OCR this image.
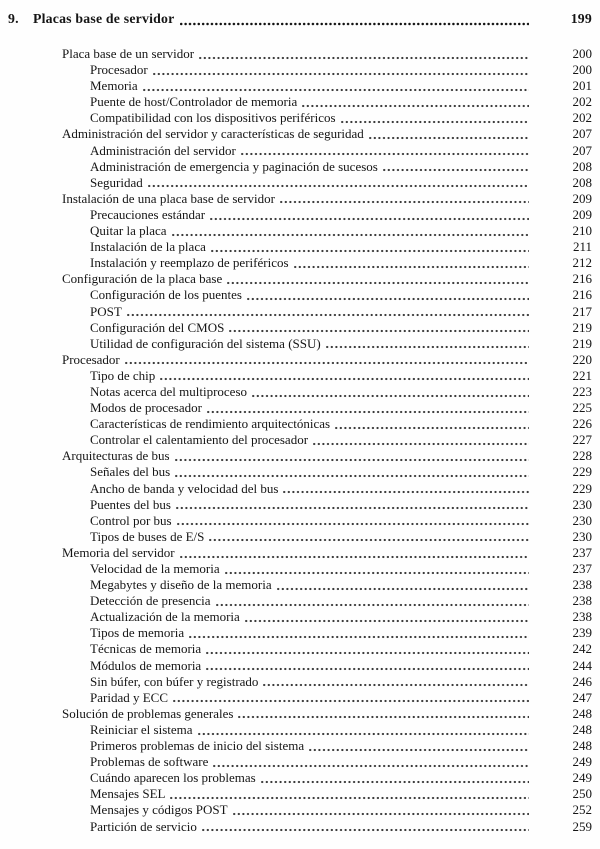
9.	Placas base de servidor	199
Placa base de un servidor	200
Procesador	200
Memoria	201
Puente de host/Controlador de memoria	202
Compatibilidad con los dispositivos periféricos	202
Administración del servidor y características de seguridad	207
Administración del servidor	207
Administración de emergencia y paginación de sucesos	208
Seguridad	208
Instalación de una placa base de servidor	209
Precauciones estándar	209
Quitar la placa	210
Instalación de la placa	211
Instalación y reemplazo de periféricos	212
Configuración de la placa base	216
Configuración de los puentes	216
POST	217
Configuración del CMOS	219
Utilidad de configuración del sistema (SSU)	219
Procesador	220
Tipo de chip	221
Notas acerca del multiproceso	223
Modos de procesador	225
Características de rendimiento arquitectónicas	226
Controlar el calentamiento del procesador	227
Arquitecturas de bus	228
Señales del bus	229
Ancho de banda y velocidad del bus	229
Puentes del bus	230
Control por bus	230
Tipos de buses de E/S	230
Memoria del servidor	237
Velocidad de la memoria	237
Megabytes y diseño de la memoria	238
Detección de presencia	238
Actualización de la memoria	238
Tipos de memoria	239
Técnicas de memoria	242
Módulos de memoria	244
Sin búfer, con búfer y registrado	246
Paridad y ECC	247
Solución de problemas generales	248
Reiniciar el sistema	248
Primeros problemas de inicio del sistema	248
Problemas de software	249
Cuándo aparecen los problemas	249
Mensajes SEL	250
Mensajes y códigos POST	252
Partición de servicio	259
